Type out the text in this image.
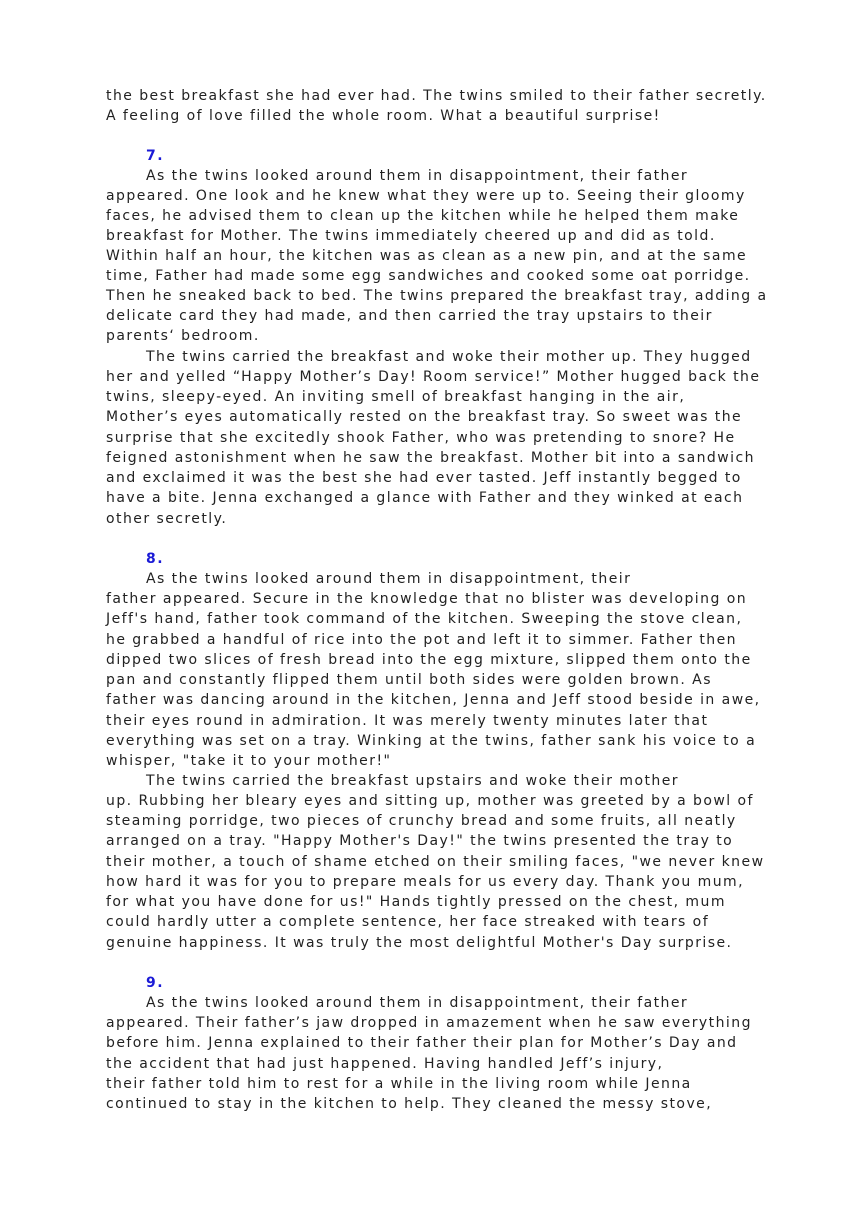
the best breakfast she had ever had. The twins smiled to their father secretly.
A feeling of love filled the whole room. What a beautiful surprise!
7.
As the twins looked around them in disappointment, their father
appeared. One look and he knew what they were up to. Seeing their gloomy
faces, he advised them to clean up the kitchen while he helped them make
breakfast for Mother. The twins immediately cheered up and did as told.
Within half an hour, the kitchen was as clean as a new pin, and at the same
time, Father had made some egg sandwiches and cooked some oat porridge.
Then he sneaked back to bed. The twins prepared the breakfast tray, adding a
delicate card they had made, and then carried the tray upstairs to their
parents‘ bedroom.
The twins carried the breakfast and woke their mother up. They hugged
her and yelled “Happy Mother’s Day! Room service!” Mother hugged back the
twins, sleepy-eyed. An inviting smell of breakfast hanging in the air,
Mother’s eyes automatically rested on the breakfast tray. So sweet was the
surprise that she excitedly shook Father, who was pretending to snore? He
feigned astonishment when he saw the breakfast. Mother bit into a sandwich
and exclaimed it was the best she had ever tasted. Jeff instantly begged to
have a bite. Jenna exchanged a glance with Father and they winked at each
other secretly.
8.
As the twins looked around them in disappointment, their
father appeared. Secure in the knowledge that no blister was developing on
Jeff's hand, father took command of the kitchen. Sweeping the stove clean,
he grabbed a handful of rice into the pot and left it to simmer. Father then
dipped two slices of fresh bread into the egg mixture, slipped them onto the
pan and constantly flipped them until both sides were golden brown. As
father was dancing around in the kitchen, Jenna and Jeff stood beside in awe,
their eyes round in admiration. It was merely twenty minutes later that
everything was set on a tray. Winking at the twins, father sank his voice to a
whisper, "take it to your mother!"
The twins carried the breakfast upstairs and woke their mother
up. Rubbing her bleary eyes and sitting up, mother was greeted by a bowl of
steaming porridge, two pieces of crunchy bread and some fruits, all neatly
arranged on a tray. "Happy Mother's Day!" the twins presented the tray to
their mother, a touch of shame etched on their smiling faces, "we never knew
how hard it was for you to prepare meals for us every day. Thank you mum,
for what you have done for us!" Hands tightly pressed on the chest, mum
could hardly utter a complete sentence, her face streaked with tears of
genuine happiness. It was truly the most delightful Mother's Day surprise.
9.
As the twins looked around them in disappointment, their father
appeared. Their father’s jaw dropped in amazement when he saw everything
before him. Jenna explained to their father their plan for Mother’s Day and
the accident that had just happened. Having handled Jeff’s injury,
their father told him to rest for a while in the living room while Jenna
continued to stay in the kitchen to help. They cleaned the messy stove,
